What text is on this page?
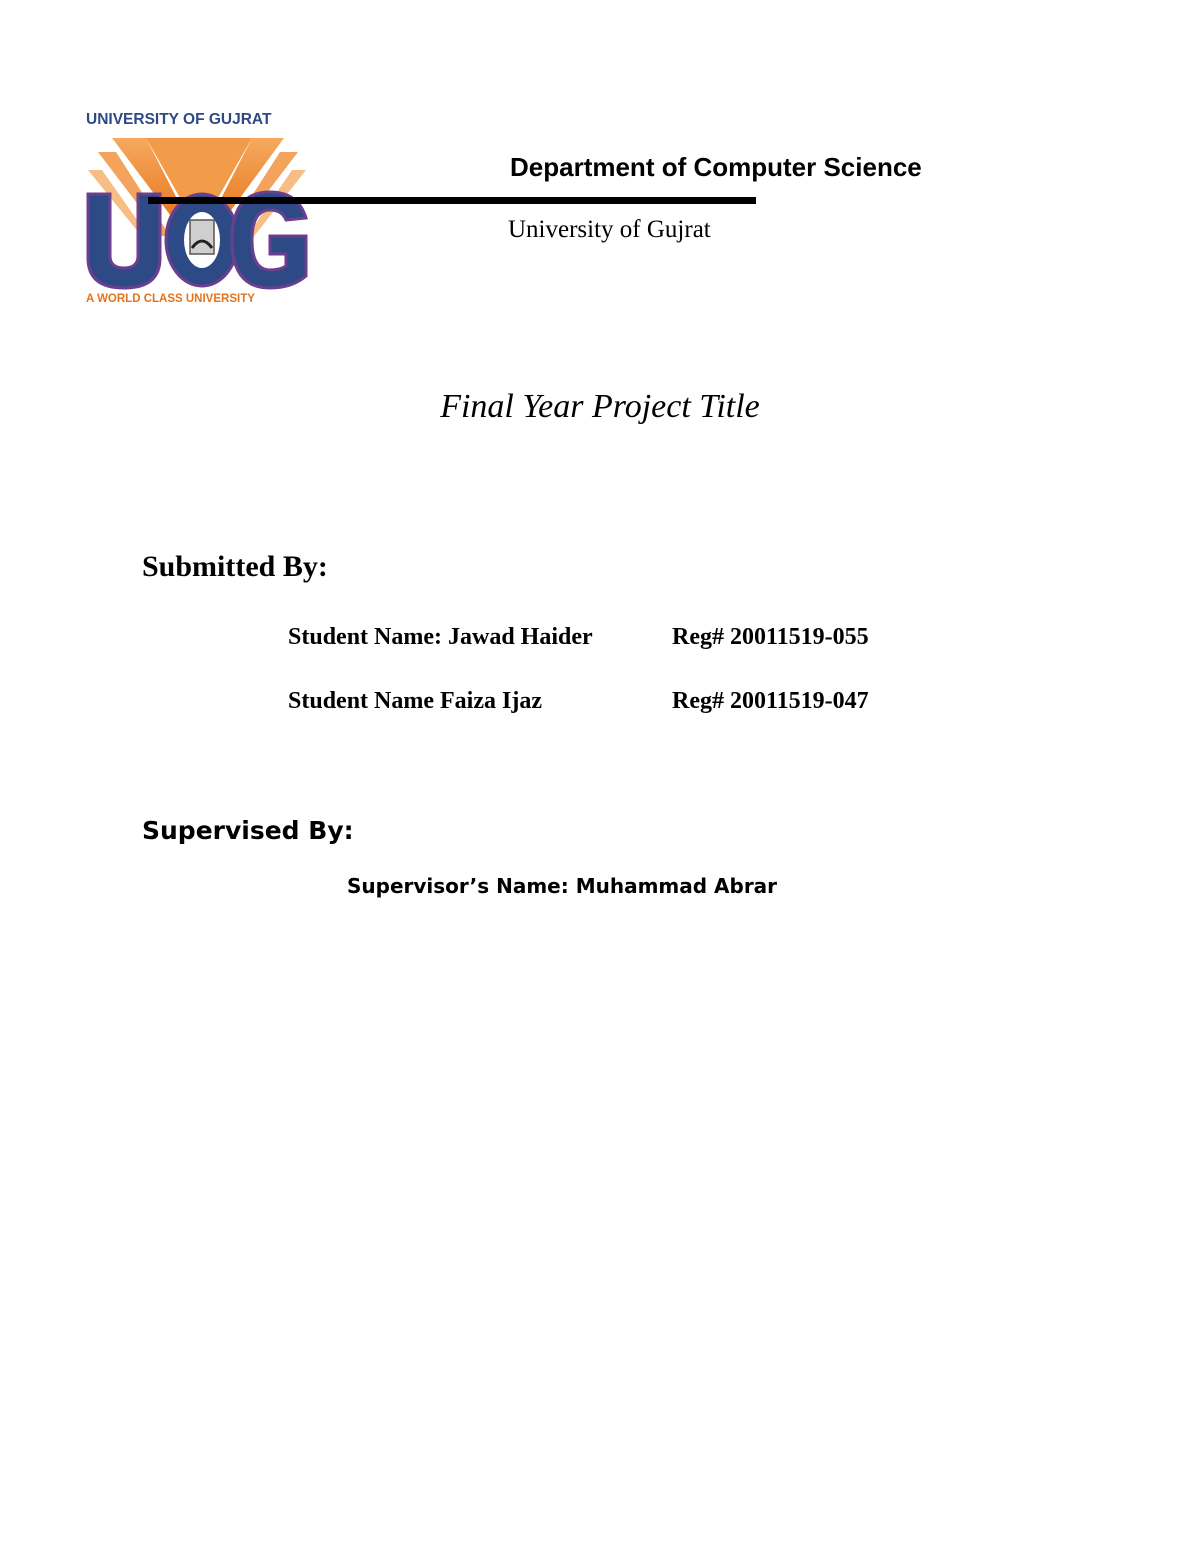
UNIVERSITY OF GUJRAT
A WORLD CLASS UNIVERSITY
Department of Computer Science
University of Gujrat
Final Year Project Title
Submitted By:
Student Name: Jawad Haider	Reg# 20011519-055
Student Name Faiza Ijaz	Reg# 20011519-047
Supervised By:
Supervisor’s Name: Muhammad Abrar
